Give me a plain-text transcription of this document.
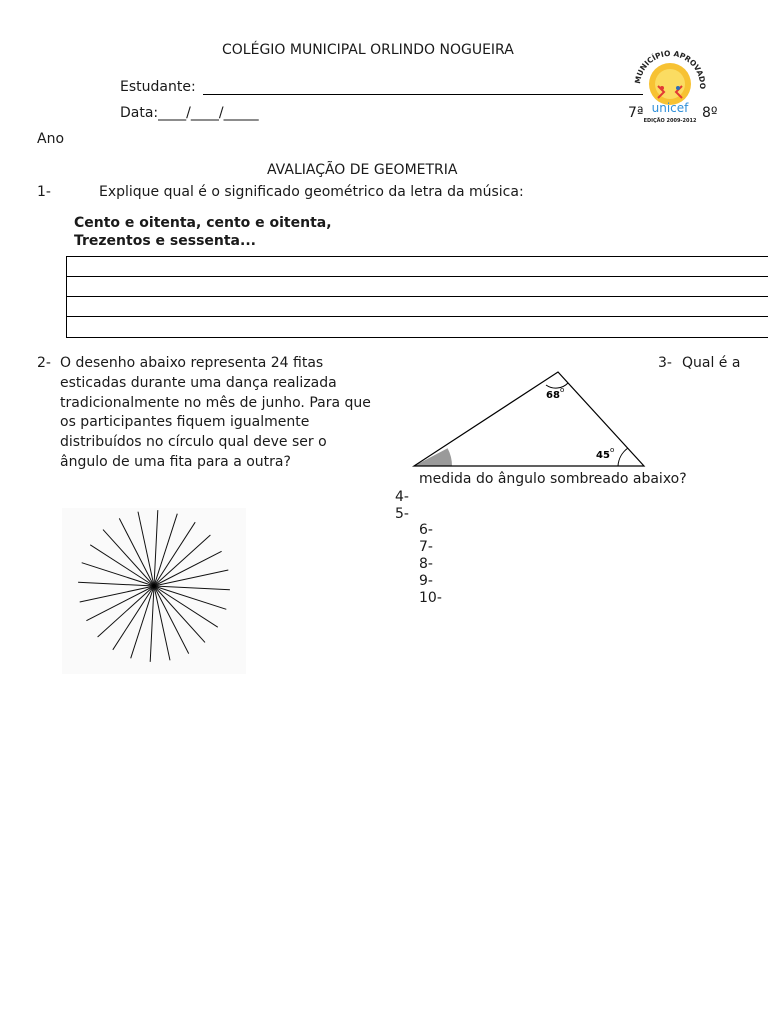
COLÉGIO MUNICIPAL ORLINDO NOGUEIRA
Estudante:
Data:____/____/_____	7ª	8º
Ano
MUNICÍPIO APROVADO
unicef
EDIÇÃO 2009-2012
AVALIAÇÃO DE GEOMETRIA
1-	Explique qual é o significado geométrico da letra da música:
Cento e oitenta, cento e oitenta,
Trezentos e sessenta...
2- O desenho abaixo representa 24 fitas esticadas durante uma dança realizada tradicionalmente no mês de junho. Para que os participantes fiquem igualmente distribuídos no círculo qual deve ser o ângulo de uma fita para a outra?
68 o
45 o
3- Qual é a
medida do ângulo sombreado abaixo?
4-
5-
6-
7-
8-
9-
10-
